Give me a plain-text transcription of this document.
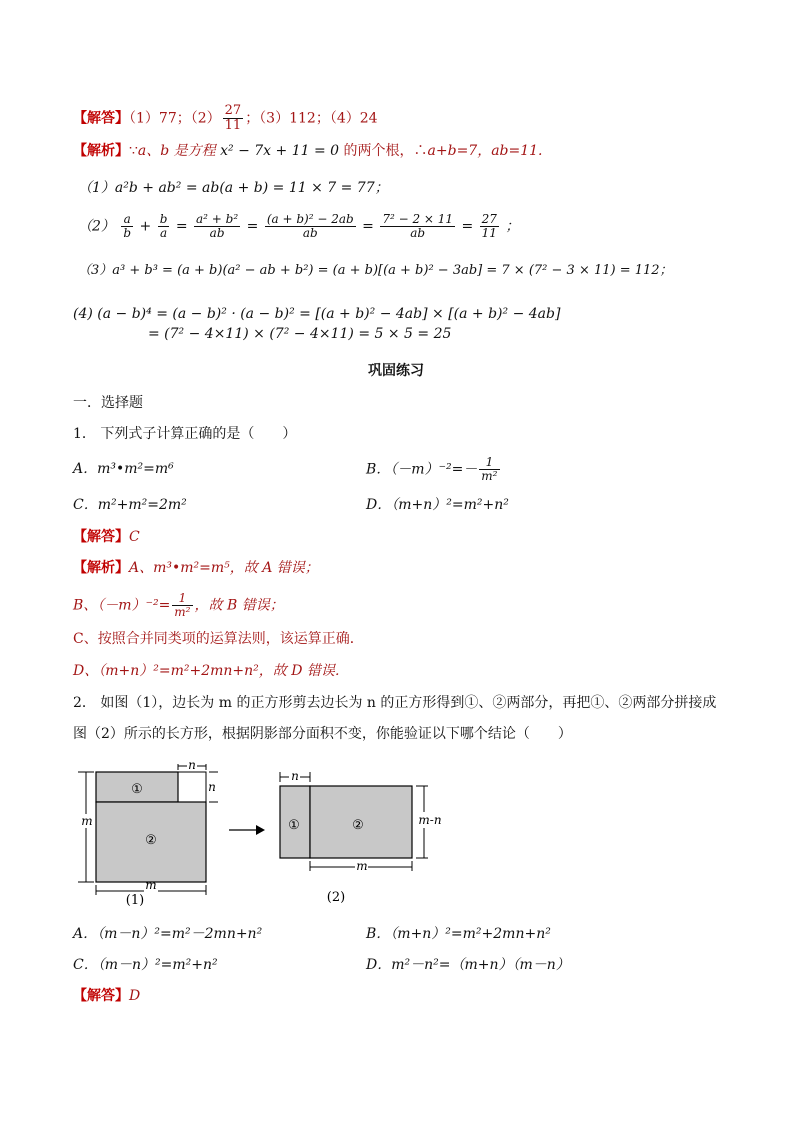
【解答】（1）77；$(2) \frac{27}{11}$ ；（3）112；（4）24
【解析】∵a、b 是方程 x² − 7x + 11 = 0 的两个根，∴a+b=7，ab=11.
（1）a²b + ab² = ab(a + b) = 11 × 7 = 77；
$(2) \frac{a}{b} + \frac{b}{a} = \frac{\text{a² + b²}}{ab} = \frac{\text{(a + b)² − 2ab}}{ab} = \frac{\text{7² − 2 × 11}}{ab} = \frac{27}{11}$ ；
（3）a³ + b³ = (a + b)(a² − ab + b²) = (a + b)[(a + b)² − 3ab] = 7 × (7² − 3 × 11) = 112；
(4) (a − b)⁴ = (a − b)² · (a − b)² = [(a + b)² − 4ab] × [(a + b)² − 4ab]
= (7² − 4×11) × (7² − 4×11) = 5 × 5 = 25
巩固练习
一．选择题
1． 下列式子计算正确的是（　　）
A．m³•m²=m⁶	B．$(-m)^{-2}=- \frac{1}{\text{m²}}$
C．m²+m²=2m²	D．（m+n）²=m²+n²
【解答】C
【解析】A、m³•m²=m⁵，故 A 错误；
B、$(-m)^{-2}= \frac{1}{\text{m²}}$ ，故 B 错误；
C、按照合并同类项的运算法则，该运算正确．
D、（m+n）²=m²+2mn+n²，故 D 错误．
2． 如图（1），边长为 m 的正方形剪去边长为 n 的正方形得到①、②两部分，再把①、②两部分拼接成
图（2）所示的长方形，根据阴影部分面积不变，你能验证以下哪个结论（　　）
n
n
m
m
①
②
(1)
n
m-n
m
①	②
(2)
A．（m－n）²=m²－2mn+n²	B．（m+n）²=m²+2mn+n²
C．（m－n）²=m²+n²	D．m²－n²=（m+n）（m－n）
【解答】D
